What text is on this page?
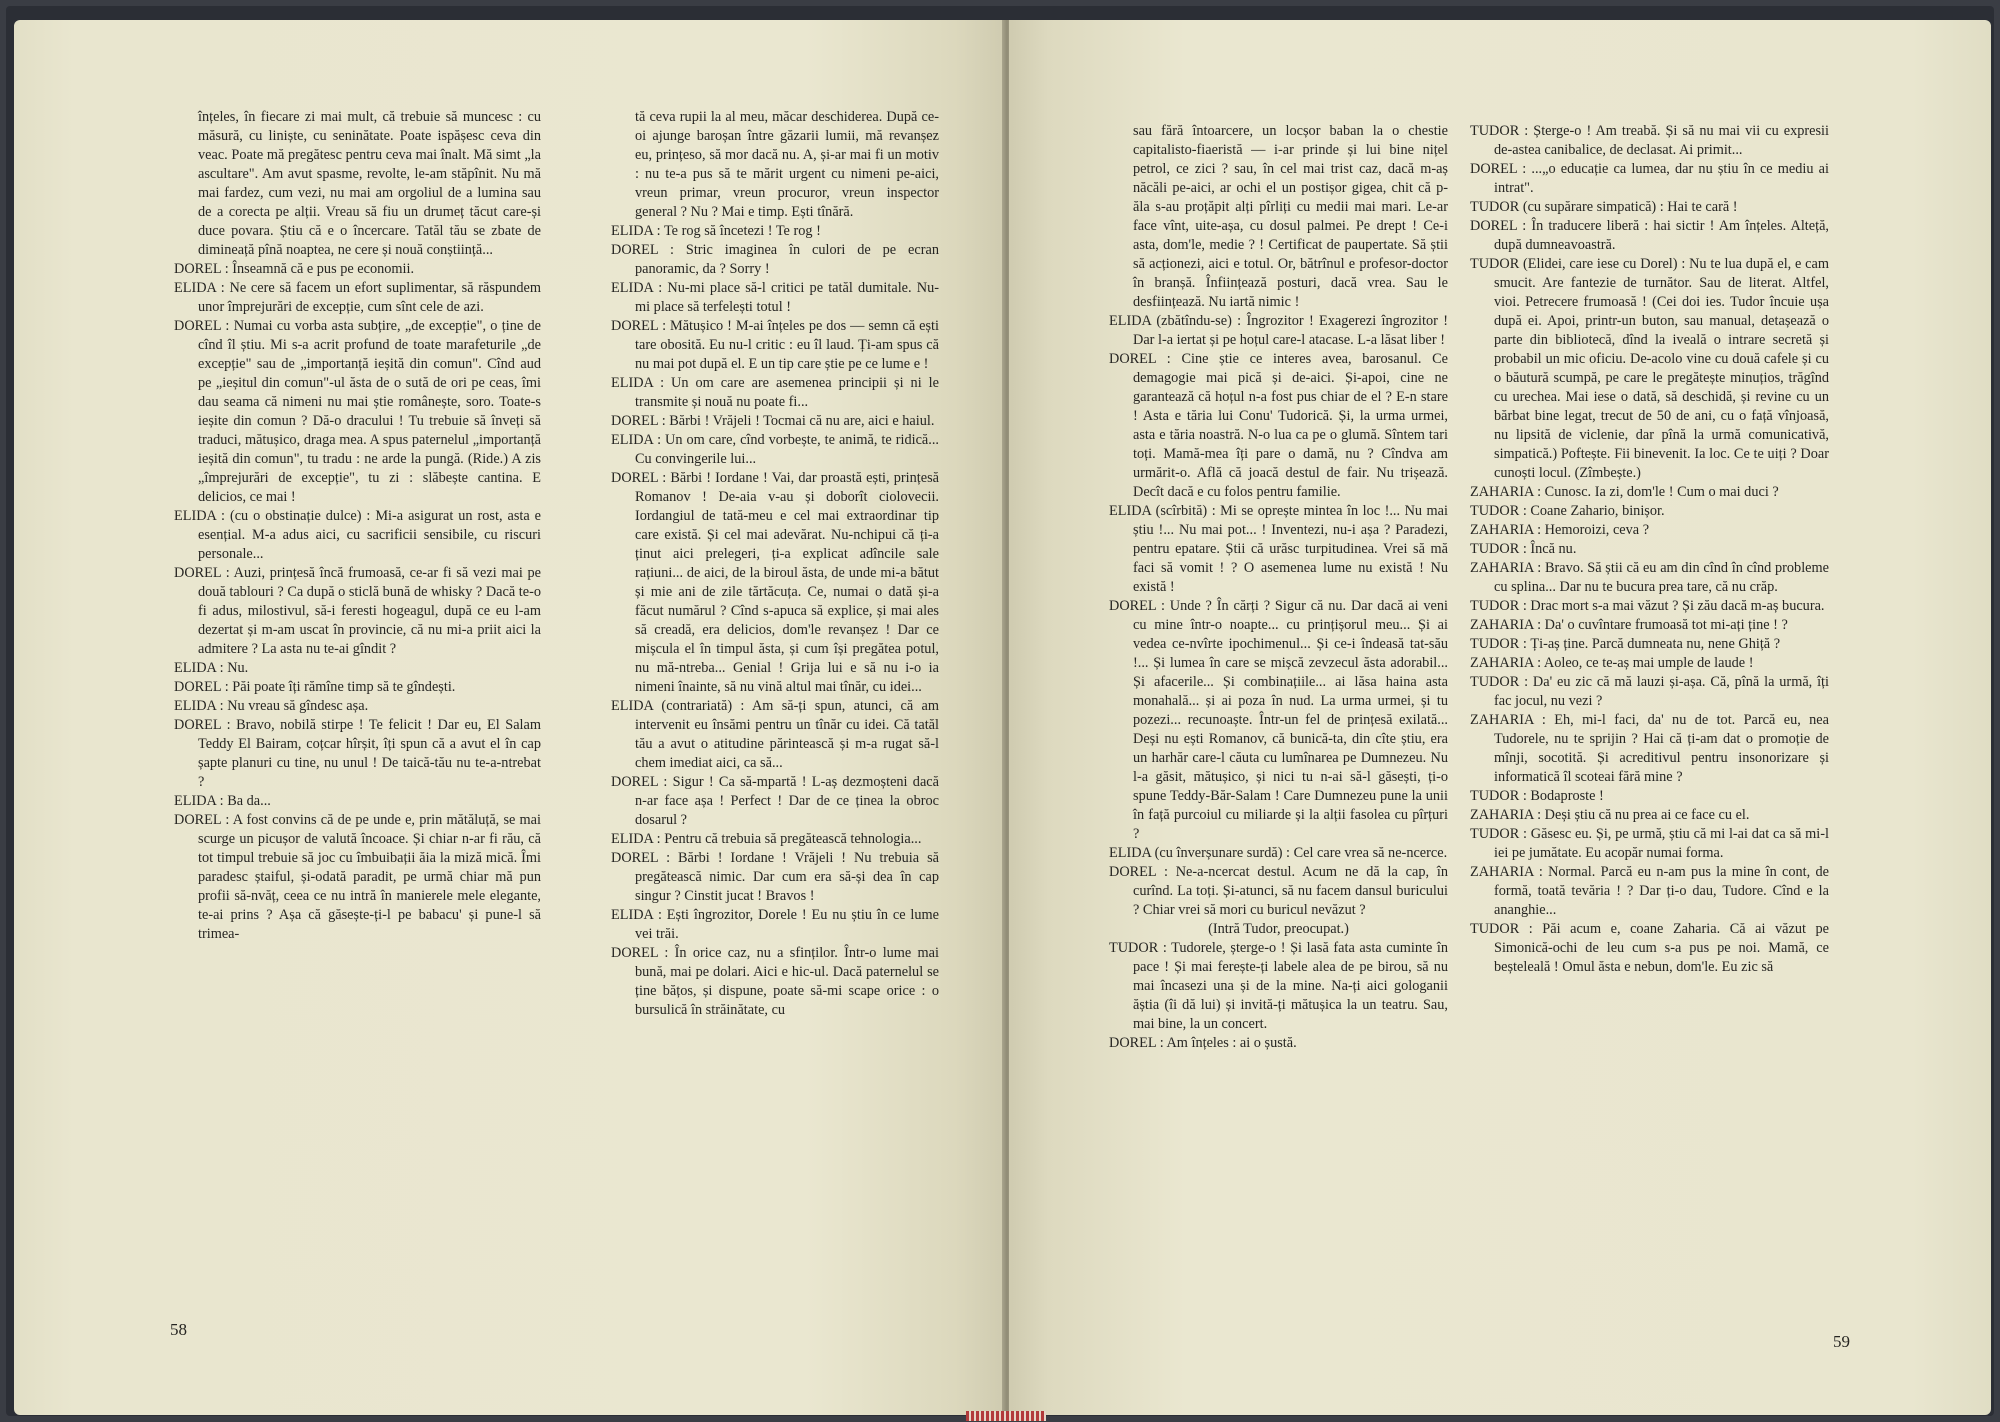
înțeles, în fiecare zi mai mult, că trebuie să muncesc : cu măsură, cu liniște, cu seninătate. Poate ispășesc ceva din veac. Poate mă pregătesc pentru ceva mai înalt. Mă simt „la ascultare". Am avut spasme, revolte, le-am stăpînit. Nu mă mai fardez, cum vezi, nu mai am orgoliul de a lumina sau de a corecta pe alții. Vreau să fiu un drumeț tăcut care-și duce povara. Știu că e o încercare. Tatăl tău se zbate de dimineață pînă noaptea, ne cere și nouă conștiință...

DOREL : Înseamnă că e pus pe economii.

ELIDA : Ne cere să facem un efort suplimentar, să răspundem unor împrejurări de excepție, cum sînt cele de azi.

DOREL : Numai cu vorba asta subțire, „de excepție", o ține de cînd îl știu. Mi s-a acrit profund de toate marafeturile „de excepție" sau de „importanță ieșită din comun". Cînd aud pe „ieșitul din comun"-ul ăsta de o sută de ori pe ceas, îmi dau seama că nimeni nu mai știe românește, soro. Toate-s ieșite din comun ? Dă-o dracului ! Tu trebuie să înveți să traduci, mătușico, draga mea. A spus paternelul „importanță ieșită din comun", tu tradu : ne arde la pungă. (Ride.) A zis „împrejurări de excepție", tu zi : slăbește cantina. E delicios, ce mai !

ELIDA : (cu o obstinație dulce) : Mi-a asigurat un rost, asta e esențial. M-a adus aici, cu sacrificii sensibile, cu riscuri personale...

DOREL : Auzi, prințesă încă frumoasă, ce-ar fi să vezi mai pe două tablouri ? Ca după o sticlă bună de whisky ? Dacă te-o fi adus, milostivul, să-i feresti hogeagul, după ce eu l-am dezertat și m-am uscat în provincie, că nu mi-a priit aici la admitere ? La asta nu te-ai gîndit ?

ELIDA : Nu.

DOREL : Păi poate îți rămîne timp să te gîndești.

ELIDA : Nu vreau să gîndesc așa.

DOREL : Bravo, nobilă stirpe ! Te felicit ! Dar eu, El Salam Teddy El Bairam, coțcar hîrșit, îți spun că a avut el în cap șapte planuri cu tine, nu unul ! De taică-tău nu te-a-ntrebat ?

ELIDA : Ba da...

DOREL : A fost convins că de pe unde e, prin mătăluță, se mai scurge un picușor de valută încoace. Și chiar n-ar fi rău, că tot timpul trebuie să joc cu îmbuibații ăia la miză mică. Îmi paradesc ștaiful, și-odată paradit, pe urmă chiar mă pun profii să-nvăț, ceea ce nu intră în manierele mele elegante, te-ai prins ? Așa că găsește-ți-l pe babacu' și pune-l să trimea-

tă ceva rupii la al meu, măcar deschiderea. După ce-oi ajunge baroșan între găzarii lumii, mă revanșez eu, prințeso, să mor dacă nu. A, și-ar mai fi un motiv : nu te-a pus să te mărit urgent cu nimeni pe-aici, vreun primar, vreun procuror, vreun inspector general ? Nu ? Mai e timp. Ești tînără.

ELIDA : Te rog să încetezi ! Te rog !

DOREL : Stric imaginea în culori de pe ecran panoramic, da ? Sorry !

ELIDA : Nu-mi place să-l critici pe tatăl dumitale. Nu-mi place să terfelești totul !

DOREL : Mătușico ! M-ai înțeles pe dos — semn că ești tare obosită. Eu nu-l critic : eu îl laud. Ți-am spus că nu mai pot după el. E un tip care știe pe ce lume e !

ELIDA : Un om care are asemenea principii și ni le transmite și nouă nu poate fi...

DOREL : Bărbi ! Vrăjeli ! Tocmai că nu are, aici e haiul.

ELIDA : Un om care, cînd vorbește, te animă, te ridică... Cu convingerile lui...

DOREL : Bărbi ! Iordane ! Vai, dar proastă ești, prințesă Romanov ! De-aia v-au și doborît ciolovecii. Iordangiul de tată-meu e cel mai extraordinar tip care există. Și cel mai adevărat. Nu-nchipui că ți-a ținut aici prelegeri, ți-a explicat adîncile sale rațiuni... de aici, de la biroul ăsta, de unde mi-a bătut și mie ani de zile tărtăcuța. Ce, numai o dată și-a făcut numărul ? Cînd s-apuca să explice, și mai ales să creadă, era delicios, dom'le revanșez ! Dar ce mișcula el în timpul ăsta, și cum își pregătea potul, nu mă-ntreba... Genial ! Grija lui e să nu i-o ia nimeni înainte, să nu vină altul mai tînăr, cu idei...

ELIDA (contrariată) : Am să-ți spun, atunci, că am intervenit eu însămi pentru un tînăr cu idei. Că tatăl tău a avut o atitudine părintească și m-a rugat să-l chem imediat aici, ca să...

DOREL : Sigur ! Ca să-mpartă ! L-aș dezmoșteni dacă n-ar face așa ! Perfect ! Dar de ce ținea la obroc dosarul ?

ELIDA : Pentru că trebuia să pregătească tehnologia...

DOREL : Bărbi ! Iordane ! Vrăjeli ! Nu trebuia să pregătească nimic. Dar cum era să-și dea în cap singur ? Cinstit jucat ! Bravos !

ELIDA : Ești îngrozitor, Dorele ! Eu nu știu în ce lume vei trăi.

DOREL : În orice caz, nu a sfinților. Într-o lume mai bună, mai pe dolari. Aici e hic-ul. Dacă paternelul se ține bățos, și dispune, poate să-mi scape orice : o bursulică în străinătate, cu

58

sau fără întoarcere, un locșor baban la o chestie capitalisto-fiaeristă — i-ar prinde și lui bine nițel petrol, ce zici ? sau, în cel mai trist caz, dacă m-aș năcăli pe-aici, ar ochi el un postișor gigea, chit că p-ăla s-au proțăpit alți pîrliți cu medii mai mari. Le-ar face vînt, uite-așa, cu dosul palmei. Pe drept ! Ce-i asta, dom'le, medie ? ! Certificat de paupertate. Să știi să acționezi, aici e totul. Or, bătrînul e profesor-doctor în branșă. Înființează posturi, dacă vrea. Sau le desființează. Nu iartă nimic !

ELIDA (zbătîndu-se) : Îngrozitor ! Exagerezi îngrozitor ! Dar l-a iertat și pe hoțul care-l atacase. L-a lăsat liber !

DOREL : Cine știe ce interes avea, barosanul. Ce demagogie mai pică și de-aici. Și-apoi, cine ne garantează că hoțul n-a fost pus chiar de el ? E-n stare ! Asta e tăria lui Conu' Tudorică. Și, la urma urmei, asta e tăria noastră. N-o lua ca pe o glumă. Sîntem tari toți. Mamă-mea îți pare o damă, nu ? Cîndva am urmărit-o. Află că joacă destul de fair. Nu trișează. Decît dacă e cu folos pentru familie.

ELIDA (scîrbită) : Mi se oprește mintea în loc !... Nu mai știu !... Nu mai pot... ! Inventezi, nu-i așa ? Paradezi, pentru epatare. Știi că urăsc turpitudinea. Vrei să mă faci să vomit ! ? O asemenea lume nu există ! Nu există !

DOREL : Unde ? În cărți ? Sigur că nu. Dar dacă ai veni cu mine într-o noapte... cu prințișorul meu... Și ai vedea ce-nvîrte ipochimenul... Și ce-i îndeasă tat-său !... Și lumea în care se mișcă zevzecul ăsta adorabil... Și afacerile... Și combinațiile... ai lăsa haina asta monahală... și ai poza în nud. La urma urmei, și tu pozezi... recunoaște. Într-un fel de prințesă exilată... Deși nu ești Romanov, că bunică-ta, din cîte știu, era un harhăr care-l căuta cu lumînarea pe Dumnezeu. Nu l-a găsit, mătușico, și nici tu n-ai să-l găsești, ți-o spune Teddy-Băr-Salam ! Care Dumnezeu pune la unii în față purcoiul cu miliarde și la alții fasolea cu pîrțuri ?

ELIDA (cu înverșunare surdă) : Cel care vrea să ne-ncerce.

DOREL : Ne-a-ncercat destul. Acum ne dă la cap, în curînd. La toți. Și-atunci, să nu facem dansul buricului ? Chiar vrei să mori cu buricul nevăzut ?

(Intră Tudor, preocupat.)

TUDOR : Tudorele, șterge-o ! Și lasă fata asta cuminte în pace ! Și mai ferește-ți labele alea de pe birou, să nu mai încasezi una și de la mine. Na-ți aici gologanii ăștia (îi dă lui) și invită-ți mătușica la un teatru. Sau, mai bine, la un concert.

DOREL : Am înțeles : ai o șustă.

TUDOR : Șterge-o ! Am treabă. Și să nu mai vii cu expresii de-astea canibalice, de declasat. Ai primit...

DOREL : ...„o educație ca lumea, dar nu știu în ce mediu ai intrat".

TUDOR (cu supărare simpatică) : Hai te cară !

DOREL : În traducere liberă : hai sictir ! Am înțeles. Alteță, după dumneavoastră.

TUDOR (Elidei, care iese cu Dorel) : Nu te lua după el, e cam smucit. Are fantezie de turnător. Sau de literat. Altfel, vioi. Petrecere frumoasă ! (Cei doi ies. Tudor încuie ușa după ei. Apoi, printr-un buton, sau manual, detașează o parte din bibliotecă, dînd la iveală o intrare secretă și probabil un mic oficiu. De-acolo vine cu două cafele și cu o băutură scumpă, pe care le pregătește minuțios, trăgînd cu urechea. Mai iese o dată, să deschidă, și revine cu un bărbat bine legat, trecut de 50 de ani, cu o față vînjoasă, nu lipsită de viclenie, dar pînă la urmă comunicativă, simpatică.) Poftește. Fii binevenit. Ia loc. Ce te uiți ? Doar cunoști locul. (Zîmbește.)

ZAHARIA : Cunosc. Ia zi, dom'le ! Cum o mai duci ?

TUDOR : Coane Zahario, binișor.

ZAHARIA : Hemoroizi, ceva ?

TUDOR : Încă nu.

ZAHARIA : Bravo. Să știi că eu am din cînd în cînd probleme cu splina... Dar nu te bucura prea tare, că nu crăp.

TUDOR : Drac mort s-a mai văzut ? Și zău dacă m-aș bucura.

ZAHARIA : Da' o cuvîntare frumoasă tot mi-ați ține ! ?

TUDOR : Ți-aș ține. Parcă dumneata nu, nene Ghiță ?

ZAHARIA : Aoleo, ce te-aș mai umple de laude !

TUDOR : Da' eu zic că mă lauzi și-așa. Că, pînă la urmă, îți fac jocul, nu vezi ?

ZAHARIA : Eh, mi-l faci, da' nu de tot. Parcă eu, nea Tudorele, nu te sprijin ? Hai că ți-am dat o promoție de mînji, socotită. Și acreditivul pentru insonorizare și informatică îl scoteai fără mine ?

TUDOR : Bodaproste !

ZAHARIA : Deși știu că nu prea ai ce face cu el.

TUDOR : Găsesc eu. Și, pe urmă, știu că mi l-ai dat ca să mi-l iei pe jumătate. Eu acopăr numai forma.

ZAHARIA : Normal. Parcă eu n-am pus la mine în cont, de formă, toată tevăria ! ? Dar ți-o dau, Tudore. Cînd e la ananghie...

TUDOR : Păi acum e, coane Zaharia. Că ai văzut pe Simonică-ochi de leu cum s-a pus pe noi. Mamă, ce beșteleală ! Omul ăsta e nebun, dom'le. Eu zic să

59
